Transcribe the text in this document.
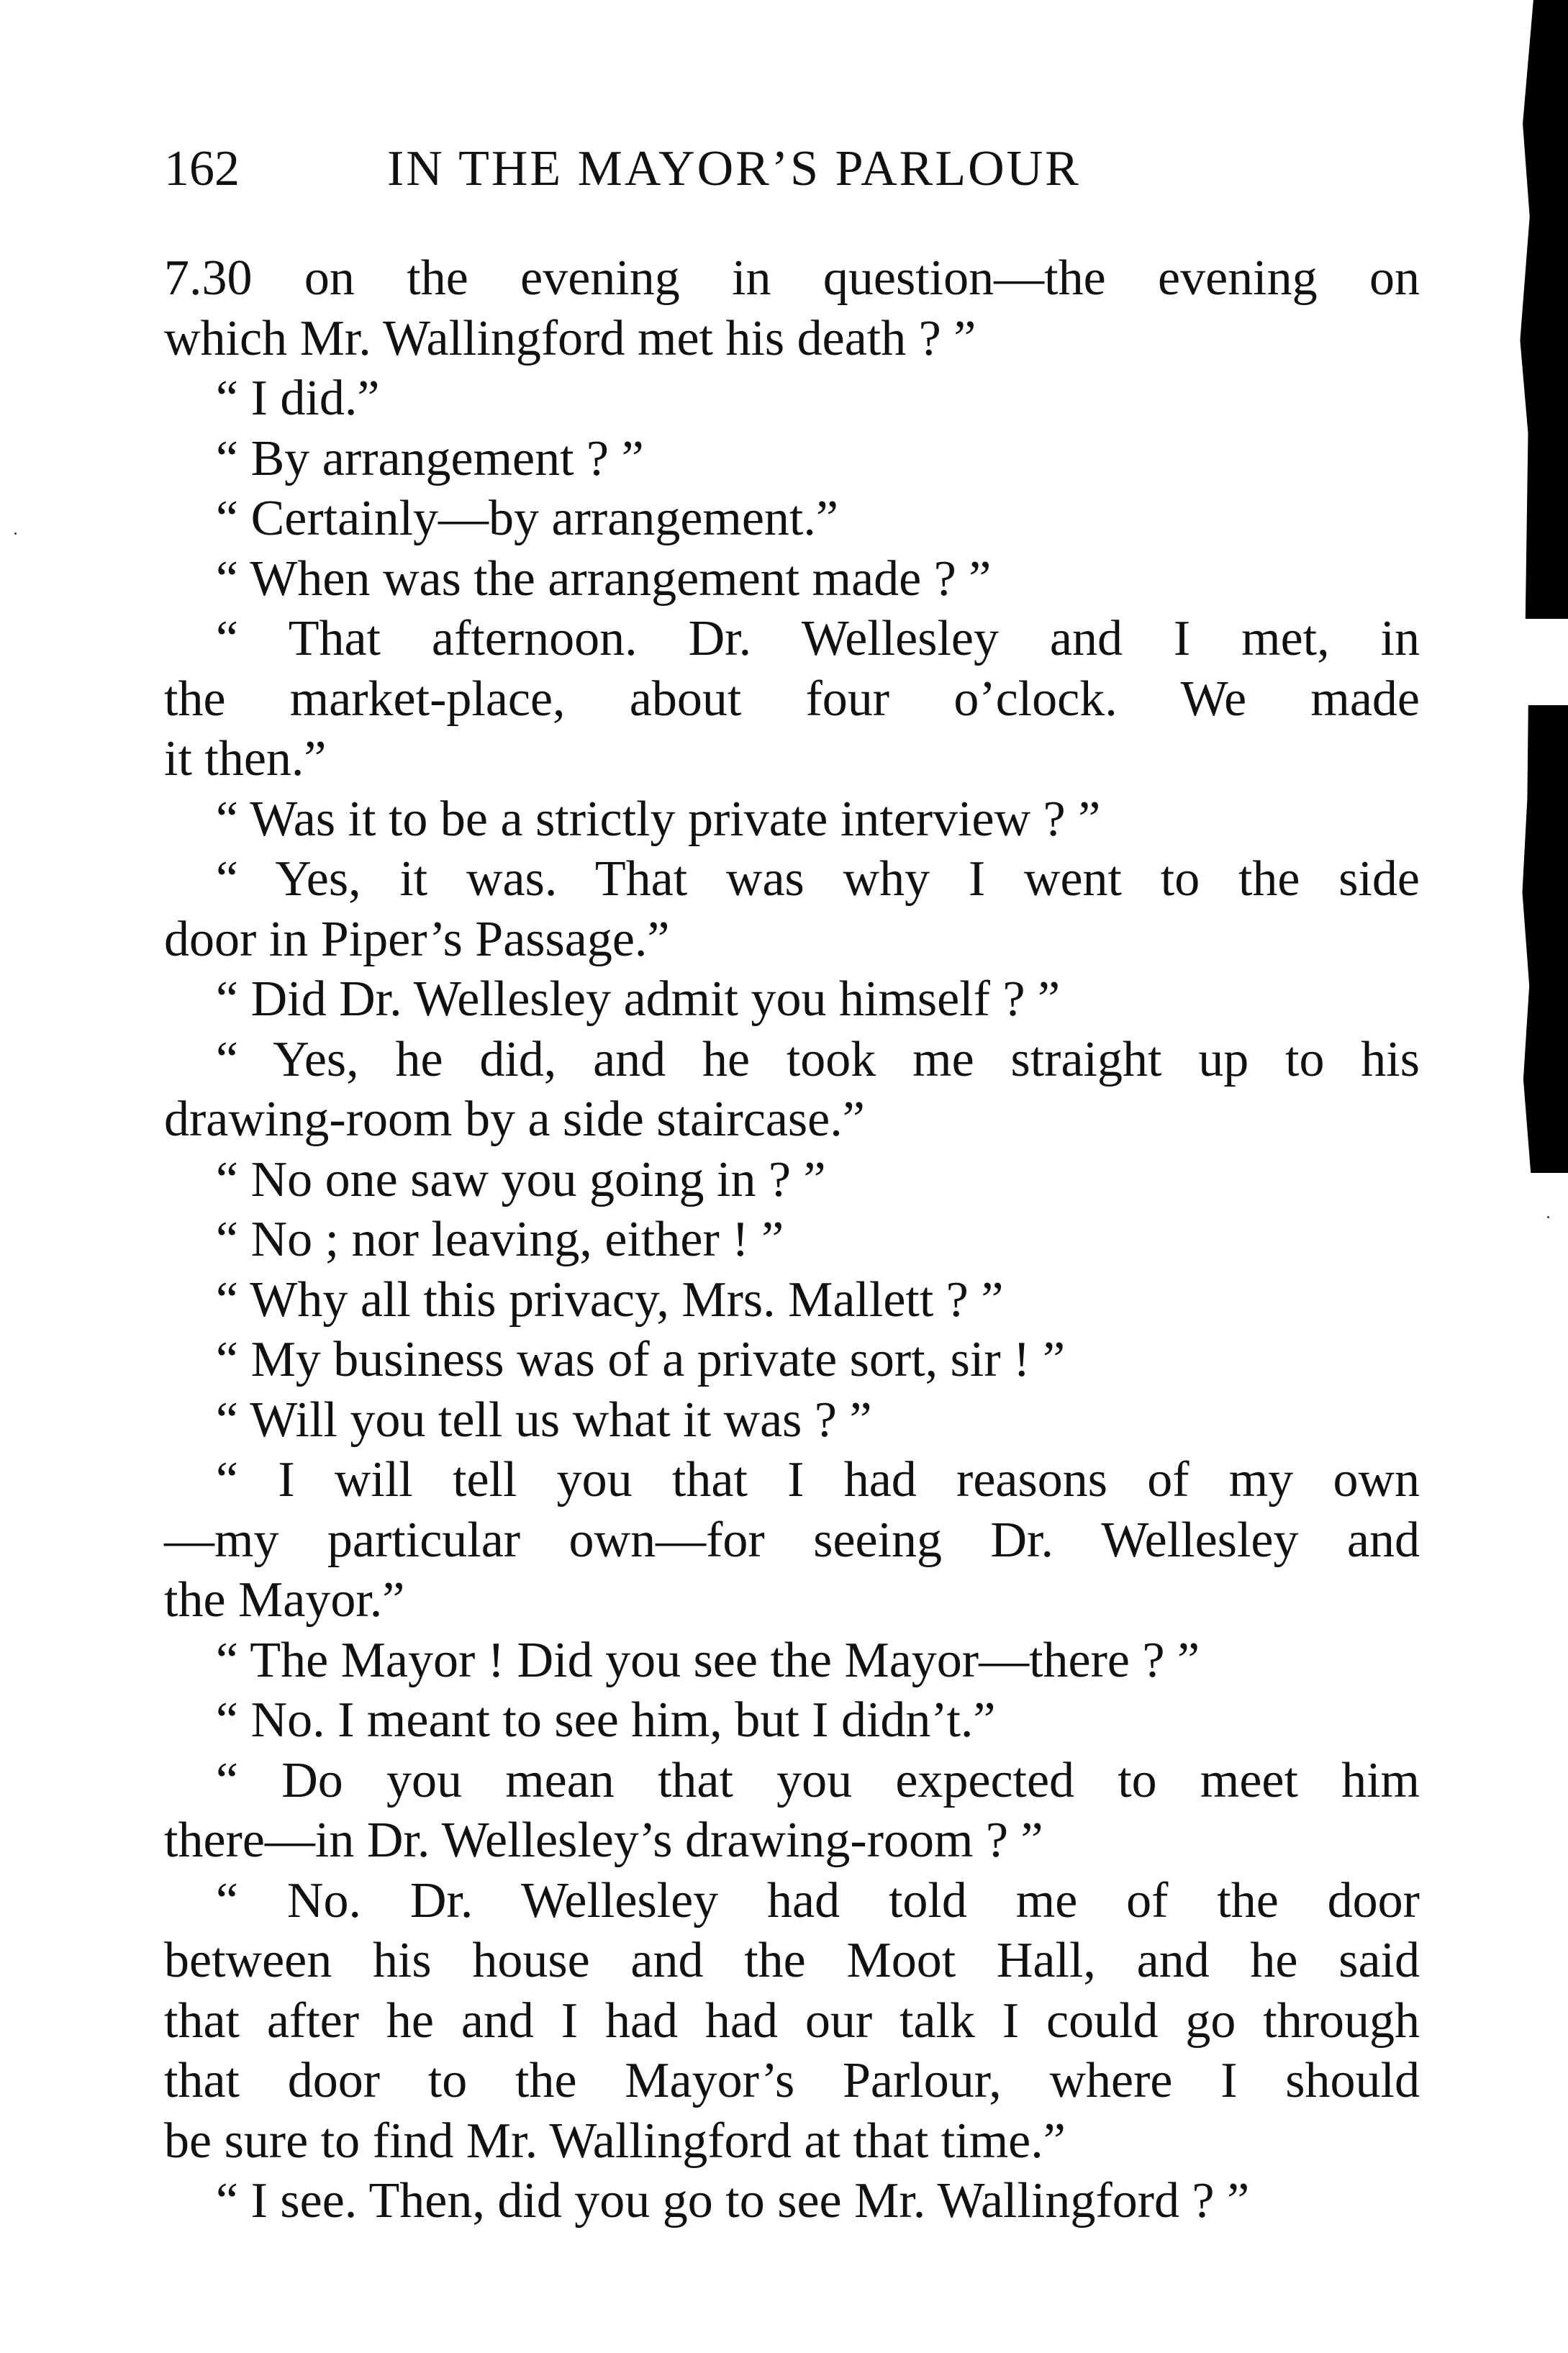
162	IN THE MAYOR’S PARLOUR
7.30 on the evening in question—the evening on
which Mr. Wallingford met his death ? ”
“ I did.”
“ By arrangement ? ”
“ Certainly—by arrangement.”
“ When was the arrangement made ? ”
“ That afternoon. Dr. Wellesley and I met, in
the market-place, about four o’clock. We made
it then.”
“ Was it to be a strictly private interview ? ”
“ Yes, it was. That was why I went to the side
door in Piper’s Passage.”
“ Did Dr. Wellesley admit you himself ? ”
“ Yes, he did, and he took me straight up to his
drawing-room by a side staircase.”
“ No one saw you going in ? ”
“ No ; nor leaving, either ! ”
“ Why all this privacy, Mrs. Mallett ? ”
“ My business was of a private sort, sir ! ”
“ Will you tell us what it was ? ”
“ I will tell you that I had reasons of my own
—my particular own—for seeing Dr. Wellesley and
the Mayor.”
“ The Mayor ! Did you see the Mayor—there ? ”
“ No. I meant to see him, but I didn’t.”
“ Do you mean that you expected to meet him
there—in Dr. Wellesley’s drawing-room ? ”
“ No. Dr. Wellesley had told me of the door
between his house and the Moot Hall, and he said
that after he and I had had our talk I could go through
that door to the Mayor’s Parlour, where I should
be sure to find Mr. Wallingford at that time.”
“ I see. Then, did you go to see Mr. Wallingford ? ”
